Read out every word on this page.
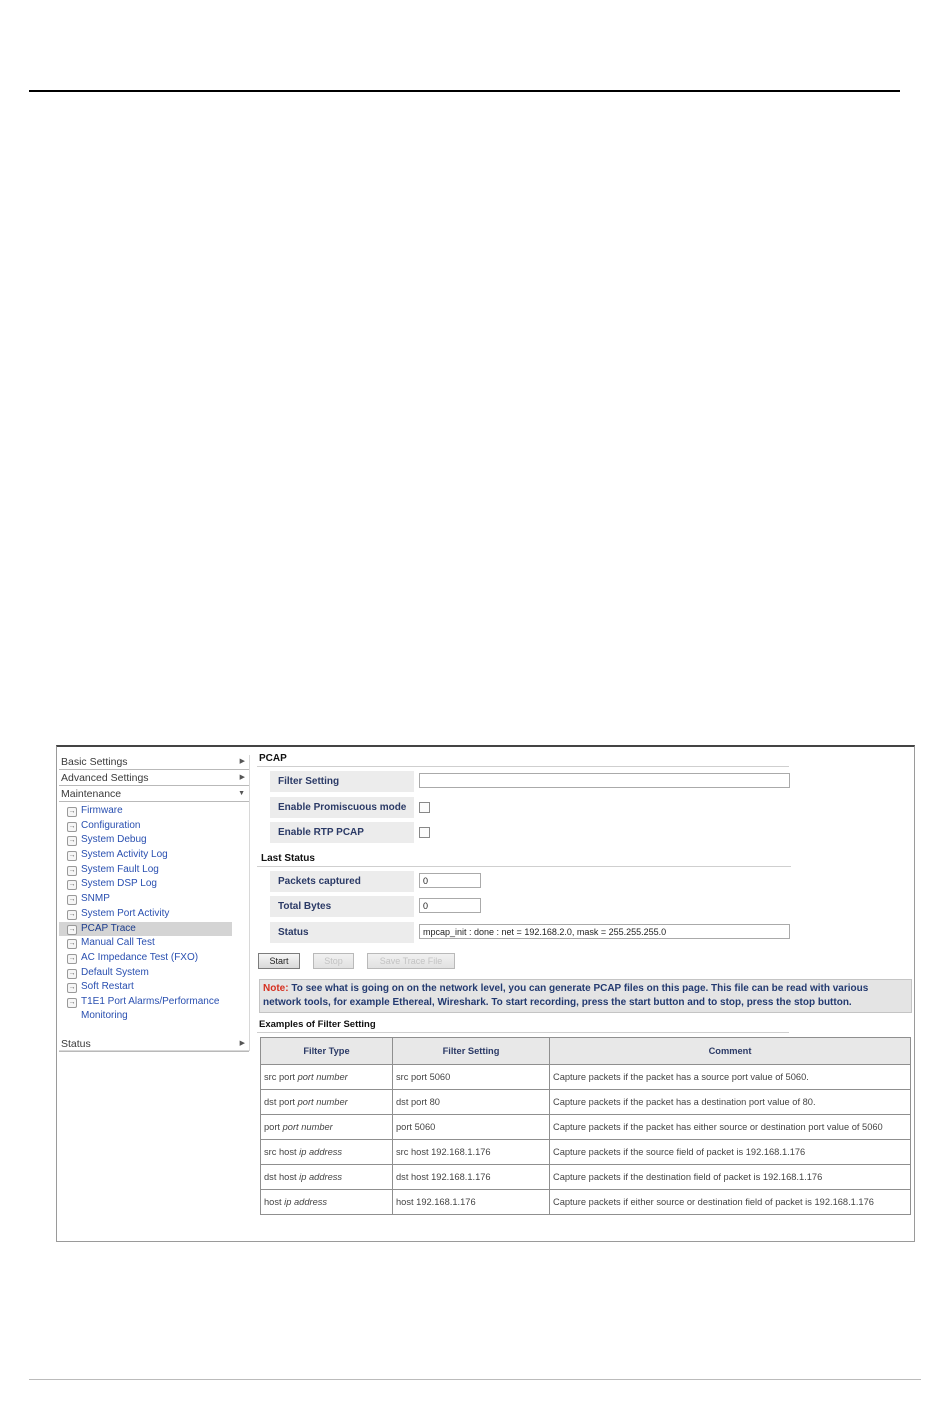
Basic Settings	▶
Advanced Settings	▶
Maintenance	▼
→ Firmware
→ Configuration
→ System Debug
→ System Activity Log
→ System Fault Log
→ System DSP Log
→ SNMP
→ System Port Activity
→ PCAP Trace
→ Manual Call Test
→ AC Impedance Test (FXO)
→ Default System
→ Soft Restart
→ T1E1 Port Alarms/Performance Monitoring
Status	▶
PCAP
Filter Setting
Enable Promiscuous mode
Enable RTP PCAP
Last Status
Packets captured	0
Total Bytes	0
Status	mpcap_init : done : net = 192.168.2.0, mask = 255.255.255.0
Start	Stop	Save Trace File
Note: To see what is going on on the network level, you can generate PCAP files on this page. This file can be read with various network tools, for example Ethereal, Wireshark. To start recording, press the start button and to stop, press the stop button.
Examples of Filter Setting
Filter Type	Filter Setting	Comment
src port port number	src port 5060	Capture packets if the packet has a source port value of 5060.
dst port port number	dst port 80	Capture packets if the packet has a destination port value of 80.
port port number	port 5060	Capture packets if the packet has either source or destination port value of 5060
src host ip address	src host 192.168.1.176	Capture packets if the source field of packet is 192.168.1.176
dst host ip address	dst host 192.168.1.176	Capture packets if the destination field of packet is 192.168.1.176
host ip address	host 192.168.1.176	Capture packets if either source or destination field of packet is 192.168.1.176
